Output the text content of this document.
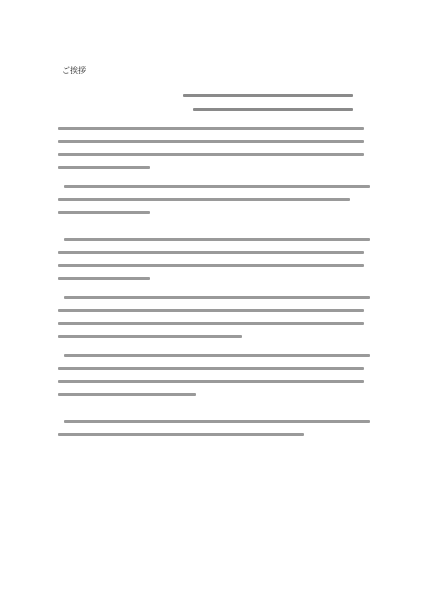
ご挨拶
